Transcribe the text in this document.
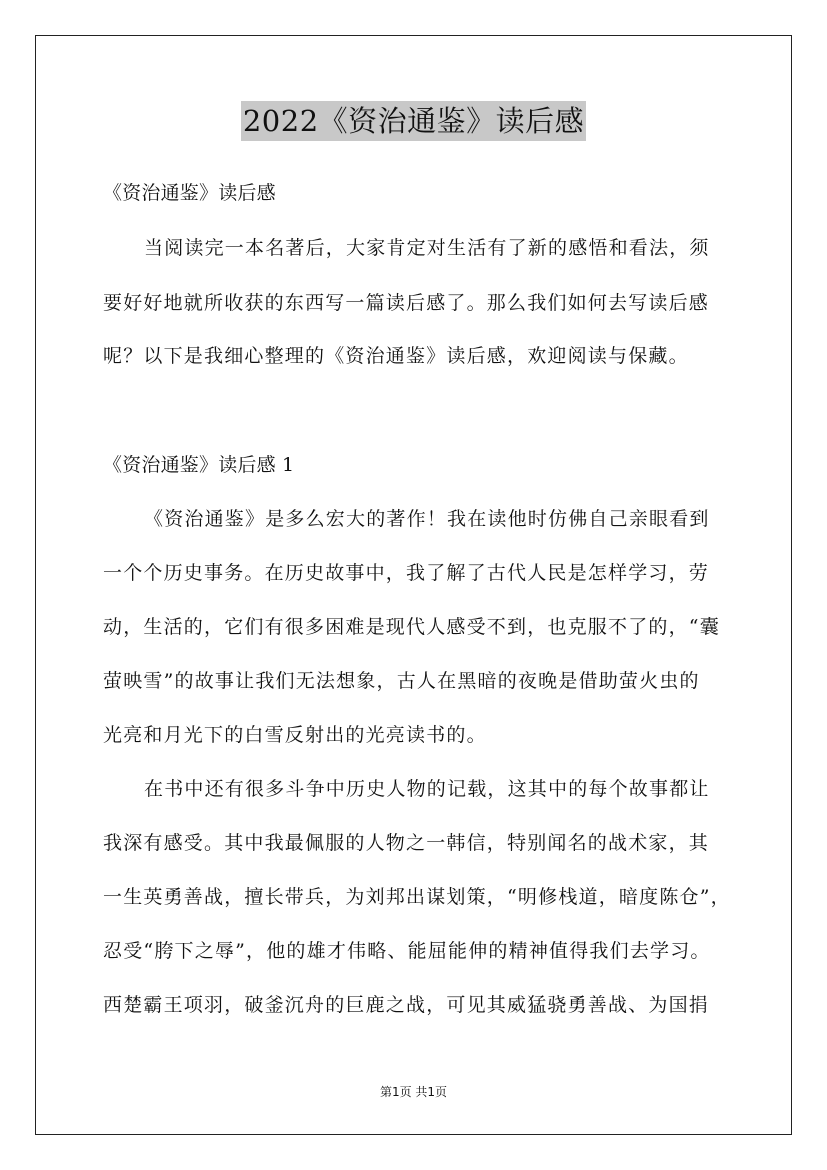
2022《资治通鉴》读后感
《资治通鉴》读后感
当阅读完一本名著后，大家肯定对生活有了新的感悟和看法，须
要好好地就所收获的东西写一篇读后感了。那么我们如何去写读后感
呢？以下是我细心整理的《资治通鉴》读后感，欢迎阅读与保藏。
《资治通鉴》读后感 1
《资治通鉴》是多么宏大的著作！我在读他时仿佛自己亲眼看到
一个个历史事务。在历史故事中，我了解了古代人民是怎样学习，劳
动，生活的，它们有很多困难是现代人感受不到，也克服不了的，“囊
萤映雪”的故事让我们无法想象，古人在黑暗的夜晚是借助萤火虫的
光亮和月光下的白雪反射出的光亮读书的。
在书中还有很多斗争中历史人物的记载，这其中的每个故事都让
我深有感受。其中我最佩服的人物之一韩信，特别闻名的战术家，其
一生英勇善战，擅长带兵，为刘邦出谋划策，“明修栈道，暗度陈仓”，
忍受“胯下之辱”，他的雄才伟略、能屈能伸的精神值得我们去学习。
西楚霸王项羽，破釜沉舟的巨鹿之战，可见其威猛骁勇善战、为国捐
第1页 共1页
